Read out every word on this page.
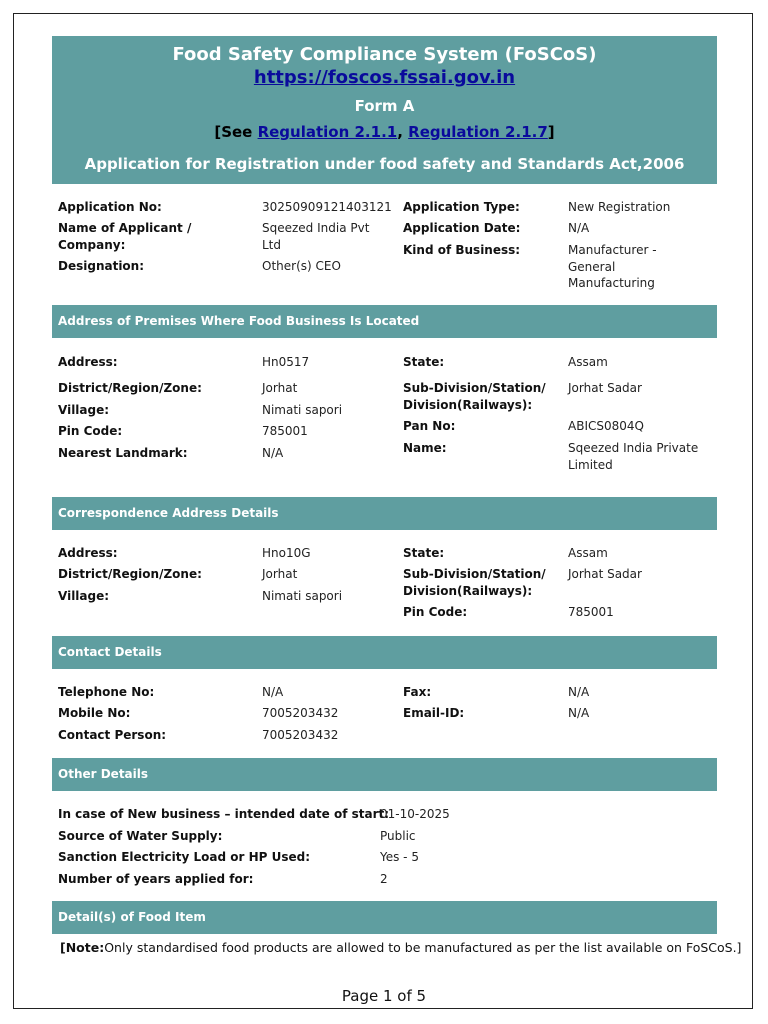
Food Safety Compliance System (FoSCoS)
https://foscos.fssai.gov.in
Form A
[See Regulation 2.1.1, Regulation 2.1.7]
Application for Registration under food safety and Standards Act,2006
Application No:	30250909121403121
Name of Applicant /
Company:
Sqeezed India Pvt
Ltd
Designation:	Other(s) CEO
Application Type:	New Registration
Application Date:	N/A
Kind of Business:	Manufacturer -
General
Manufacturing
Address of Premises Where Food Business Is Located
Address:	Hn0517
District/Region/Zone:	Jorhat
Village:	Nimati sapori
Pin Code:	785001
Nearest Landmark:	N/A
State:	Assam
Sub-Division/Station/
Division(Railways):
Jorhat Sadar
Pan No:	ABICS0804Q
Name:	Sqeezed India Private
Limited
Correspondence Address Details
Address:	Hno10G
District/Region/Zone:	Jorhat
Village:	Nimati sapori
State:	Assam
Sub-Division/Station/
Division(Railways):
Jorhat Sadar
Pin Code:	785001
Contact Details
Telephone No:	N/A
Mobile No:	7005203432
Contact Person:	7005203432
Fax:	N/A
Email-ID:	N/A
Other Details
In case of New business – intended date of start:
01-10-2025
Source of Water Supply:	Public
Sanction Electricity Load or HP Used:	Yes - 5
Number of years applied for:	2
Detail(s) of Food Item
[Note:Only standardised food products are allowed to be manufactured as per the list available on FoSCoS.]
Page 1 of 5
